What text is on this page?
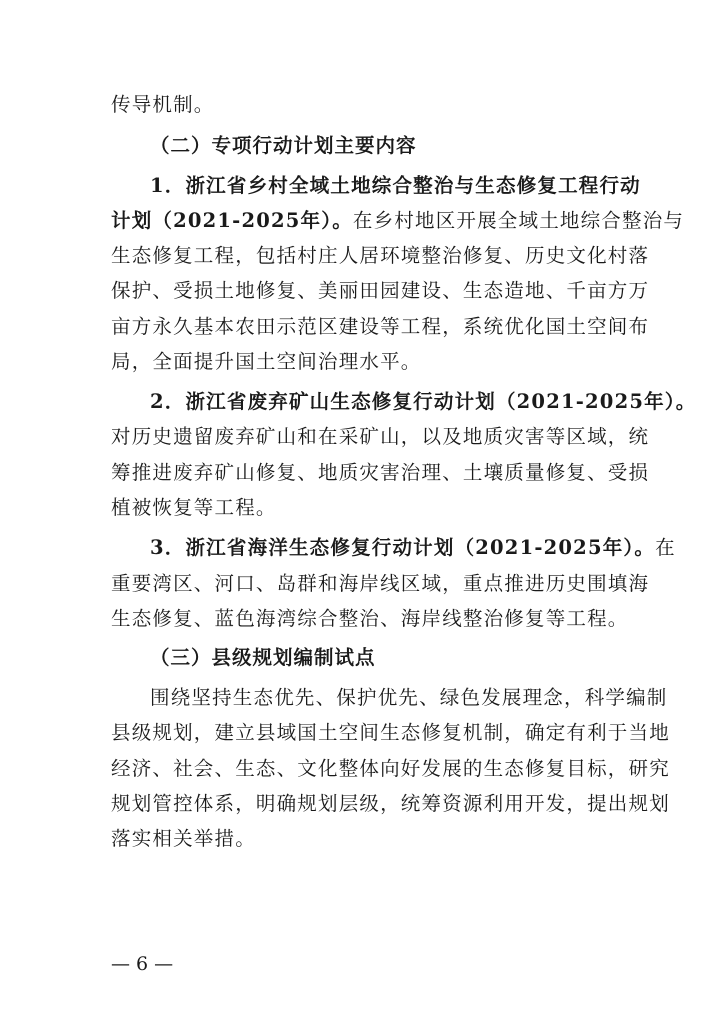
传导机制。
（二）专项行动计划主要内容
1．浙江省乡村全域土地综合整治与生态修复工程行动
计划（2021-2025年）。在乡村地区开展全域土地综合整治与
生态修复工程，包括村庄人居环境整治修复、历史文化村落
保护、受损土地修复、美丽田园建设、生态造地、千亩方万
亩方永久基本农田示范区建设等工程，系统优化国土空间布
局，全面提升国土空间治理水平。
2．浙江省废弃矿山生态修复行动计划（2021-2025年）。
对历史遗留废弃矿山和在采矿山，以及地质灾害等区域，统
筹推进废弃矿山修复、地质灾害治理、土壤质量修复、受损
植被恢复等工程。
3．浙江省海洋生态修复行动计划（2021-2025年）。在
重要湾区、河口、岛群和海岸线区域，重点推进历史围填海
生态修复、蓝色海湾综合整治、海岸线整治修复等工程。
（三）县级规划编制试点
围绕坚持生态优先、保护优先、绿色发展理念，科学编制
县级规划，建立县域国土空间生态修复机制，确定有利于当地
经济、社会、生态、文化整体向好发展的生态修复目标，研究
规划管控体系，明确规划层级，统筹资源利用开发，提出规划
落实相关举措。
— 6 —
